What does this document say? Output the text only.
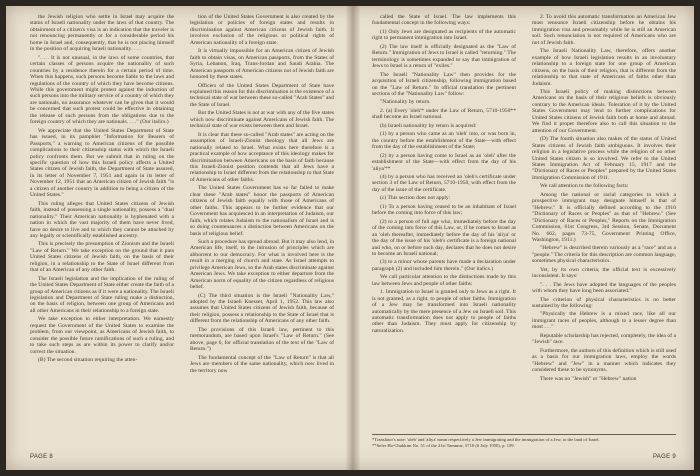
the Jewish religion who settle in Israel may acquire the status of Israeli nationality under the laws of that country. The obtainment of a citizen's visa is an indication that the traveler is not renouncing permanently or for a considerable period his home in Israel and, consequently, that he is not placing himself in the position of acquiring Israeli nationality. . . .

". . . It is not unusual, in the laws of some countries, that certain classes of persons acquire the nationality of such countries by a residence therein for a certain period of time. When this happens, such persons become liable to the laws and regulations of the country of which they have become citizens. While this government might protest against the induction of such persons into the military service of a country of which they are nationals, no assurance whatever can be given that it would be concerned that such protest could be effective in obtaining the release of such persons from the obligations due to the foreign country of which they are nationals. . . ." (Our italics.)

We appreciate that the United States Department of State has issued, in its pamphlet "Information for Bearers of Passports," a warning to American citizens of the possible complications to their citizenship status with which the Israeli policy confronts them. But we submit that in ruling on the specific question of how this Israeli policy affects a United States citizen of Jewish faith, the Department of State assured, in its letter of November 7, 1951 and again in its letter of November 12, 1951 that an American citizen of Jewish faith "is a citizen of another country in addition to being a citizen of the United States."

This ruling alleges that United States citizens of Jewish faith, instead of possessing a single nationality, possess a "dual nationality." Their American nationality is hyphenated with a nation in which the vast majority of them have never lived, have no desire to live and to which they cannot be attached by any legally or scientifically established ancestry.

This is precisely the presumption of Zionism and the Israeli "Law of Return." We take exception on the ground that it puts United States citizens of Jewish faith, on the basis of their religion, in a relationship to the State of Israel different from that of an American of any other faith.

The Israeli legislation and the implication of the ruling of the United States Department of State either create the faith of a group of American citizens as if it were a nationality. The Israeli legislation and Department of State ruling make a distinction, on the basis of religion, between one group of Americans and all other Americans in their relationship to a foreign state.

We take exception to either interpretation. We earnestly request the Government of the United States to examine the problem, from our viewpoint, as Americans of Jewish faith, to consider the possible future ramifications of such a ruling, and to take such steps as are within its power to clarify and/or correct the situation.

(B) The second situation requiring the atten-

tion of the United States Government is also created by the legislation or policies of foreign states and results in discrimination against American citizens of Jewish faith. It involves exclusion of the religious or political rights of American nationality of a foreign state.

It is virtually impossible for an American citizen of Jewish faith to obtain visas, on American passports, from the States of Syria, Lebanon, Iraq, Trans-Jordan and Saudi Arabia. The American passports of American citizens not of Jewish faith are honored by these states.

Officers of the United States Department of State have explained this reason for this discrimination is the existence of a technical state of war between these so-called "Arab States" and the State of Israel.

But the United States is not at war with any of the five states which now discriminate against Americans of Jewish faith. The technical state of war exists between them and Israel.

It is clear that these so-called "Arab states" are acting on the assumption of Israeli-Zionist theology that all Jews are nationally related to Israel. What exists here therefore is a practical example of how acceptance of this ideology makes for discrimination between Americans on the basis of faith because this Israeli-Zionist position contends that all Jews have a relationship to Israel different from the relationship to that State of Americans of other faiths.

The United States Government has so far failed to make clear these "Arab states" honor the passports of American citizens of Jewish faith equally with those of Americans of other faiths. This appears to be further evidence that our Government has acquiesced in an interpretation of Judaism, our faith, which relates Judaism to the nationalism of Israel and is so doing countenances a distinction between Americans on the basis of religious belief.

Such a procedure has spread abroad. But it may also lend, in American life, itself, to the intrusion of principles which are abhorrent to our democracy. For what is involved here is the result in a merging of church and state. As Israel attempts to privilege American Jews, so the Arab states discriminate against American Jews. We take exception to either departure from the American norm of equality of the citizen regardless of religious belief.

(C) The third situation is the Israeli "Nationality Law," adopted by the Israeli Knesset, April 1, 1952. This law also assumes that United States citizens of Jewish faith, because of their religion, possess a relationship to the State of Israel that is different from the relationship of Americans of any other faith.

The provisions of this Israeli law, pertinent to this memorandum, are based upon Israel's "Law of Return." (See above, page 6, for official translation of the text of the "Law of Return.")

The fundamental concept of the "Law of Return" is that all Jews are members of the same nationality, which now lived in the territory now

PAGE 8

called the State of Israel. The law implements this fundamental concept in the following ways:

(1) Only Jews are designated as recipients of the automatic right to permanent immigration into Israel.

(2) The law itself is officially designated as the "Law of Return." Immigration of Jews to Israel is called "returning." The terminology is sometimes expanded to say that immigration of Jews to Israel is a return of "exiles."

The Israeli "Nationality Law" then provides for the acquisition of Israeli citizenship, following immigration based on the "Law of Return." In official translation the pertinent sections of the "Nationality Law" follow:

"Nationality by return.

2. (a) Every 'oleh'* under the Law of Return, 5710-1950** shall become an Israel national.

(b) Israeli nationality by return is acquired:

(1) by a person who came as an 'oleh' into, or was born in, the country before the establishment of the State—with effect from the day of the establishment of the State;

(2) by a person having come to Israel as an 'oleh' after the establishment of the State—with effect from the day of his 'aliya'**

(4) by a person who has received an 'oleh's certificate under section 3 of the Law of Return, 5710-1950, with effect from the day of the issue of the certificate.

(c) This section does not apply:

(1) To a person having ceased to be an inhabitant of Israel before the coming into force of this law;

(2) to a person of full age who, immediately before the day of the coming into force of this Law, or, if he comes to Israel as an 'oleh thereafter, immediately before the day of his 'aliya' or the day of the issue of his 'oleh's certificate is a foreign national and who, on or before such day, declares that he does not desire to become an Israeli national;

(3) to a minor whose parents have made a declaration under paragraph (2) and included him therein." (Our italics.)

We call particular attention to the distinctions made by this law between Jews and people of other faiths:

1. Immigration to Israel is granted only to Jews as a right. It is not granted, as a right, to people of other faiths. Immigration of a Jew may be transformed into Israeli nationality automatically by the mere presence of a Jew on Israeli soil. This automatic transformation does not apply to people of faiths other than Judaism. They must apply for citizenship by naturalization.

2. To avoid this automatic transformation an American Jew must renounce Israeli citizenship before he obtains his immigration visa and presumably while he is still an American soil. Such renunciation is not required of Americans who are not of Jewish faith.

The Israeli Nationality Law, therefore, offers another example of how Israeli legislation results in an involuntary relationship to a foreign state for one group of American citizens, on the basis of their religion, that is different from the relationship to that state of Americans of faiths other than Judaism.

This Israeli policy of making distinctions between Americans on the basis of their religious beliefs is obviously contrary to the American ideals. Toleration of it by the United States Government may lend to further complications for United States citizens of Jewish faith both at home and abroad. We find it proper therefore also to call this situation to the attention of our Government.

(D) The fourth situation also makes of the status of United States citizens of Jewish faith ambiguous. It involves their religion in a legislative process while the religion of no other United States citizen is so involved. We refer to the United States Immigration Act of February 15, 1917 and the "Dictionary of Races or Peoples" prepared by the United States Immigration Commission of 1911.

We call attention to the following facts:

Among the national or racial categories to which a prospective immigrant may designate himself is that of "Hebrew." It is officially defined according to the 1910 "Dictionary of Races or Peoples" as that of "Hebrew." (See "Dictionary of Races or Peoples," Reports on the Immigration Commission, 61st Congress, 3rd Session, Senate, Document No. 662, pages 73-75, Government Printing Office, Washington, 1911.)

"Hebrew" is described therein variously as a "race" and as a "people." The criteria for this description are common language, sometimes physical characteristics.

Yet, by its own criteria, the official text is excessively inconsistent. It says:

". . . The Jews have adopted the languages of the peoples with whom they have long been associated."

The criterion of physical characteristics is no better sustained by the following:

"Physically the Hebrew is a mixed race, like all our immigrant races of peoples, although to a lesser degree than most . . ."

Reputable scholarship has rejected, completely, the idea of a "Jewish" race.

Furthermore, the authors of this definition which is still used as a basis for our immigration laws, employ the words "Hebrew" and "Jew" in a manner which indicates they considered these to be synonyms.

There was no "Jewish" or "Hebrew" nation

*Translator's note: 'oleh' and 'aliya' mean respectively a Jew immigrating and the immigration of a Jew, to the land of Israel.
**Sefer Ha-Chukkim No. 51 of the 21st Tammuz, 5710 (6 July 1950), p. 159.
PAGE 9
